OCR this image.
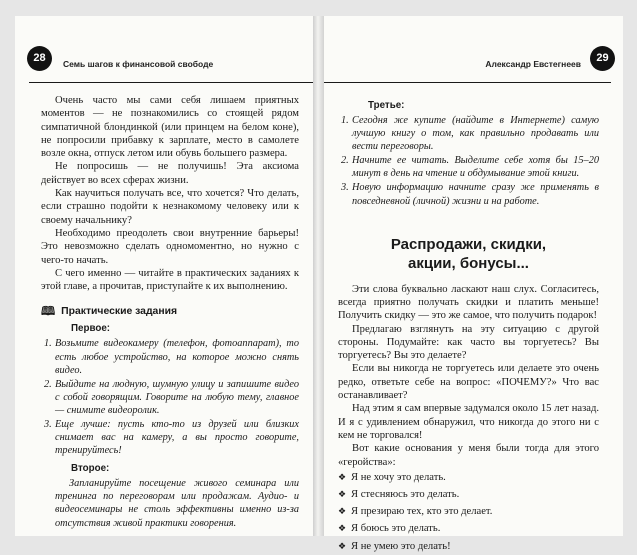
28	Семь шагов к финансовой свободе

Очень часто мы сами себя лишаем приятных моментов — не познакомились со стоящей рядом симпатичной блондинкой (или принцем на белом коне), не попросили прибавку к зарплате, место в самолете возле окна, отпуск летом или обувь большего размера.

Не попросишь — не получишь! Эта аксиома действует во всех сферах жизни.

Как научиться получать все, что хочется? Что делать, если страшно подойти к незнакомому человеку или к своему начальнику?

Необходимо преодолеть свои внутренние барьеры! Это невозможно сделать одномоментно, но нужно с чего-то начать.

С чего именно — читайте в практических заданиях к этой главе, а прочитав, приступайте к их выполнению.

🕮 Практические задания
Первое:
Возьмите видеокамеру (телефон, фотоаппарат), то есть любое устройство, на которое можно снять видео.
Выйдите на людную, шумную улицу и запишите видео с собой говорящим. Говорите на любую тему, главное — снимите видеоролик.
Еще лучше: пусть кто-то из друзей или близких снимает вас на камеру, а вы просто говорите, тренируйтесь!
Второе:

Запланируйте посещение живого семинара или тренинга по переговорам или продажам. Аудио- и видеосеминары не столь эффективны именно из-за отсутствия живой практики говорения.

29
Александр Евстегнеев
Третье:
Сегодня же купите (найдите в Интернете) самую лучшую книгу о том, как правильно продавать или вести переговоры.
Начните ее читать. Выделите себе хотя бы 15–20 минут в день на чтение и обдумывание этой книги.
Новую информацию начните сразу же применять в повседневной (личной) жизни и на работе.
Распродажи, скидки,
акции, бонусы...

Эти слова буквально ласкают наш слух. Согласитесь, всегда приятно получать скидки и платить меньше! Получить скидку — это же самое, что получить подарок!

Предлагаю взглянуть на эту ситуацию с другой стороны. Подумайте: как часто вы торгуетесь? Вы торгуетесь? Вы это делаете?

Если вы никогда не торгуетесь или делаете это очень редко, ответьте себе на вопрос: «ПОЧЕМУ?» Что вас останавливает?

Над этим я сам впервые задумался около 15 лет назад. И я с удивлением обнаружил, что никогда до этого ни с кем не торговался!

Вот какие основания у меня были тогда для этого «геройства»:

❖ Я не хочу это делать.
❖ Я стесняюсь это делать.
❖ Я презираю тех, кто это делает.
❖ Я боюсь это делать.
❖ Я не умею это делать!
